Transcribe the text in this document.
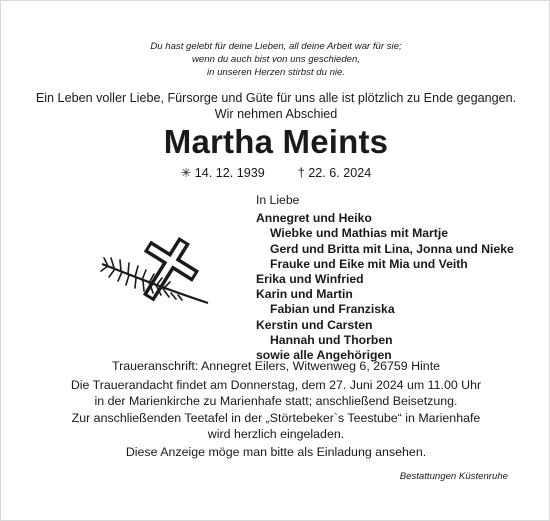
Du hast gelebt für deine Lieben, all deine Arbeit war für sie;
wenn du auch bist von uns geschieden,
in unseren Herzen stirbst du nie.
Ein Leben voller Liebe, Fürsorge und Güte für uns alle ist plötzlich zu Ende gegangen.
Wir nehmen Abschied
Martha Meints
✳ 14. 12. 1939	† 22. 6. 2024
In Liebe
Annegret und Heiko
Wiebke und Mathias mit Martje
Gerd und Britta mit Lina, Jonna und Nieke
Frauke und Eike mit Mia und Veith
Erika und Winfried
Karin und Martin
Fabian und Franziska
Kerstin und Carsten
Hannah und Thorben
sowie alle Angehörigen
Traueranschrift: Annegret Eilers, Witwenweg 6, 26759 Hinte
Die Trauerandacht findet am Donnerstag, dem 27. Juni 2024 um 11.00 Uhr
in der Marienkirche zu Marienhafe statt; anschließend Beisetzung.
Zur anschließenden Teetafel in der „Störtebeker`s Teestube“ in Marienhafe
wird herzlich eingeladen.
Diese Anzeige möge man bitte als Einladung ansehen.
Bestattungen Küstenruhe
